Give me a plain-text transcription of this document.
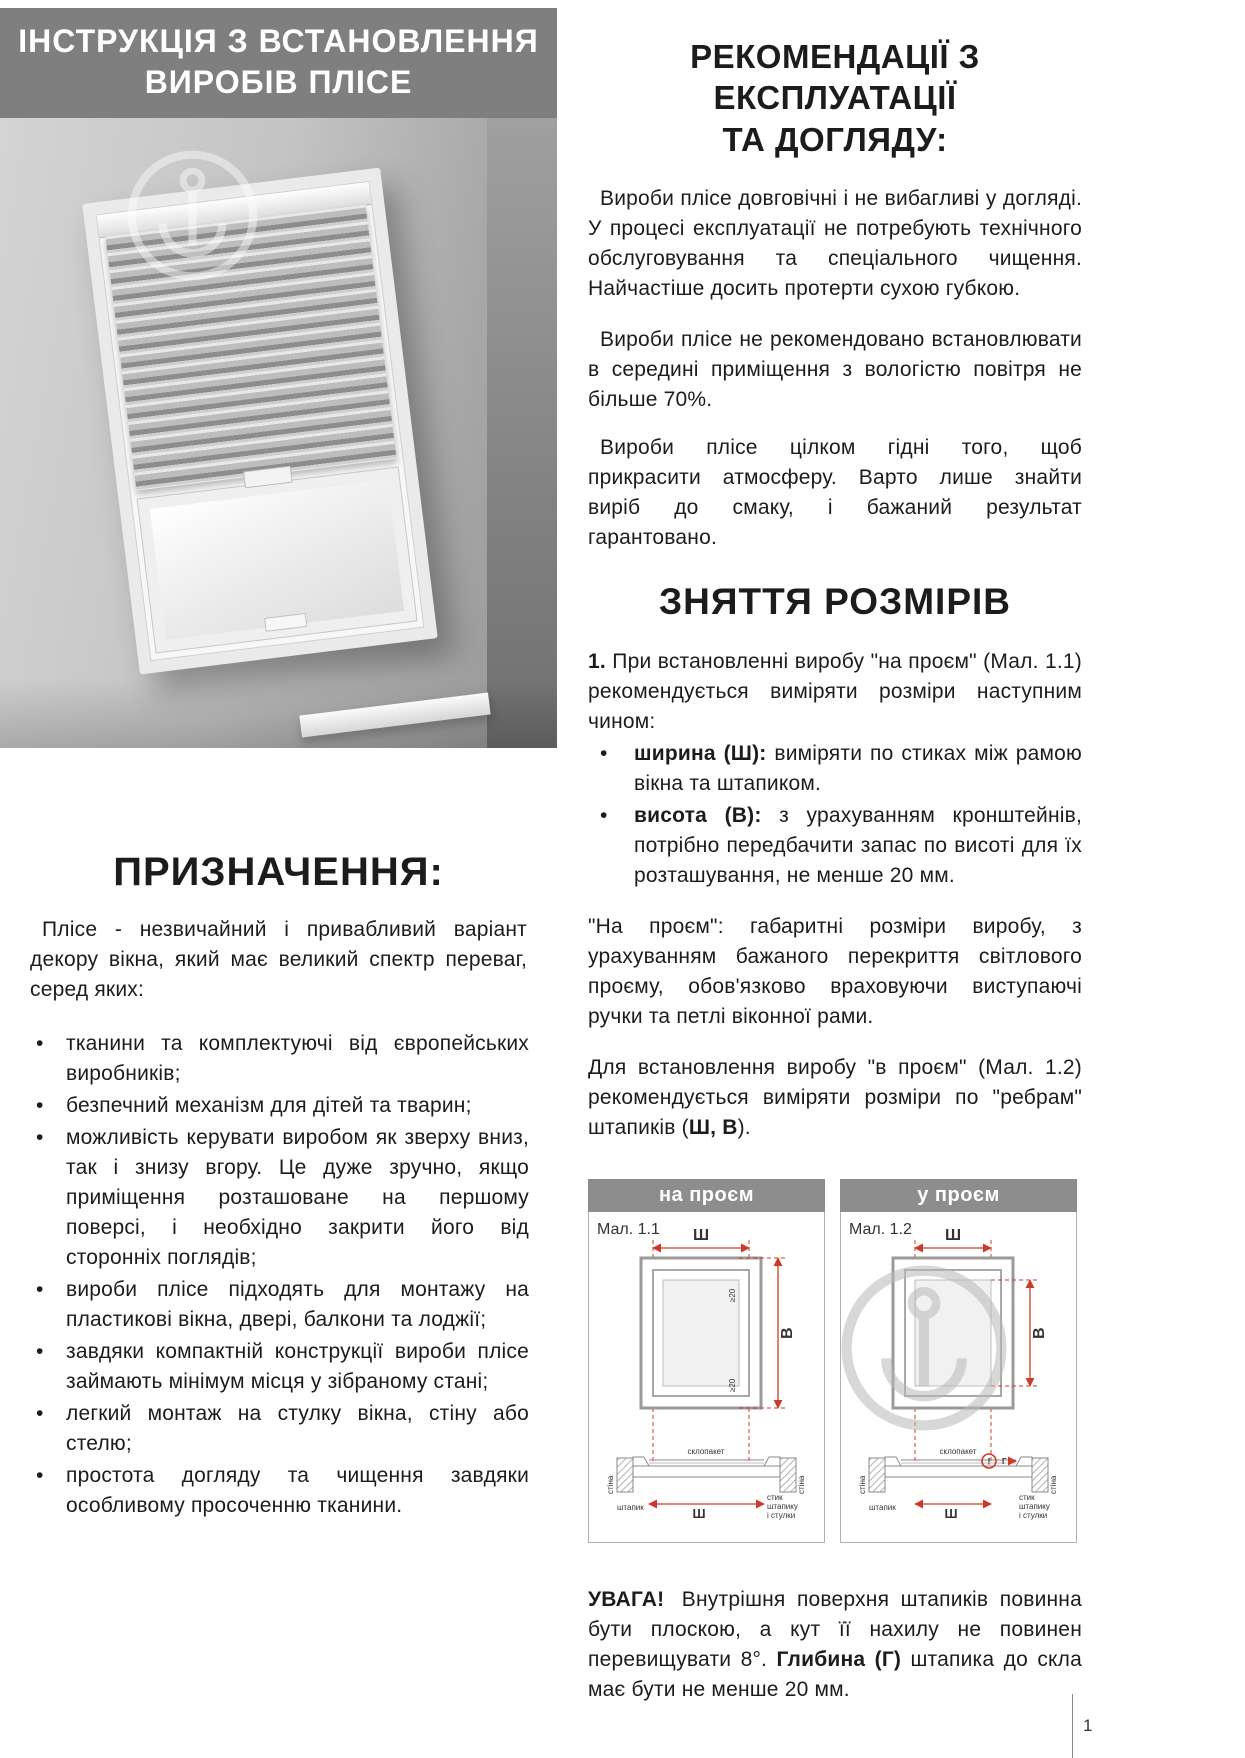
ІНСТРУКЦІЯ З ВСТАНОВЛЕННЯ
ВИРОБІВ ПЛІСЕ
ПРИЗНАЧЕННЯ:

Плісе - незвичайний і привабливий варіант декору вікна, який має великий спектр переваг, серед яких:

• тканини та комплектуючі від європейських виробників;
• безпечний механізм для дітей та тварин;
• можливість керувати виробом як зверху вниз, так і знизу вгору. Це дуже зручно, якщо приміщення розташоване на першому поверсі, і необхідно закрити його від сторонніх поглядів;
• вироби плісе підходять для монтажу на пластикові вікна, двері, балкони та лоджії;
• завдяки компактній конструкції вироби плісе займають мінімум місця у зібраному стані;
• легкий монтаж на стулку вікна, стіну або стелю;
• простота догляду та чищення завдяки особливому просоченню тканини.
РЕКОМЕНДАЦІЇ З ЕКСПЛУАТАЦІЇ
ТА ДОГЛЯДУ:

Вироби плісе довговічні і не вибагливі у догляді. У процесі експлуатації не потребують технічного обслуговування та спеціального чищення. Найчастіше досить протерти сухою губкою.

Вироби плісе не рекомендовано встановлювати в середині приміщення з вологістю повітря не більше 70%.

Вироби плісе цілком гідні того, щоб прикрасити атмосферу. Варто лише знайти виріб до смаку, і бажаний результат гарантовано.

ЗНЯТТЯ РОЗМІРІВ

1. При встановленні виробу "на проєм" (Мал. 1.1) рекомендується виміряти розміри наступним чином:

• ширина (Ш): виміряти по стиках між рамою вікна та штапиком.
• висота (В): з урахуванням кронштейнів, потрібно передбачити запас по висоті для їх розташування, не менше 20 мм.

"На проєм": габаритні розміри виробу, з урахуванням бажаного перекриття світлового проєму, обов'язково враховуючи виступаючі ручки та петлі віконної рами.

Для встановлення виробу "в проєм" (Мал. 1.2) рекомендується виміряти розміри по "ребрам" штапиків (Ш, В).

на проєм
Мал. 1.1 Ш
В
≥20
≥20
склопакет
стіна	стіна
штапик	Ш
стик штапику і стулки
у проєм
Мал. 1.2 Ш
В
склопакет
! Г
стіна	стіна
штапик	Ш
стик штапику і стулки

УВАГА! Внутрішня поверхня штапиків повинна бути плоскою, а кут її нахилу не повинен перевищувати 8°. Глибина (Г) штапика до скла має бути не менше 20 мм.

1
